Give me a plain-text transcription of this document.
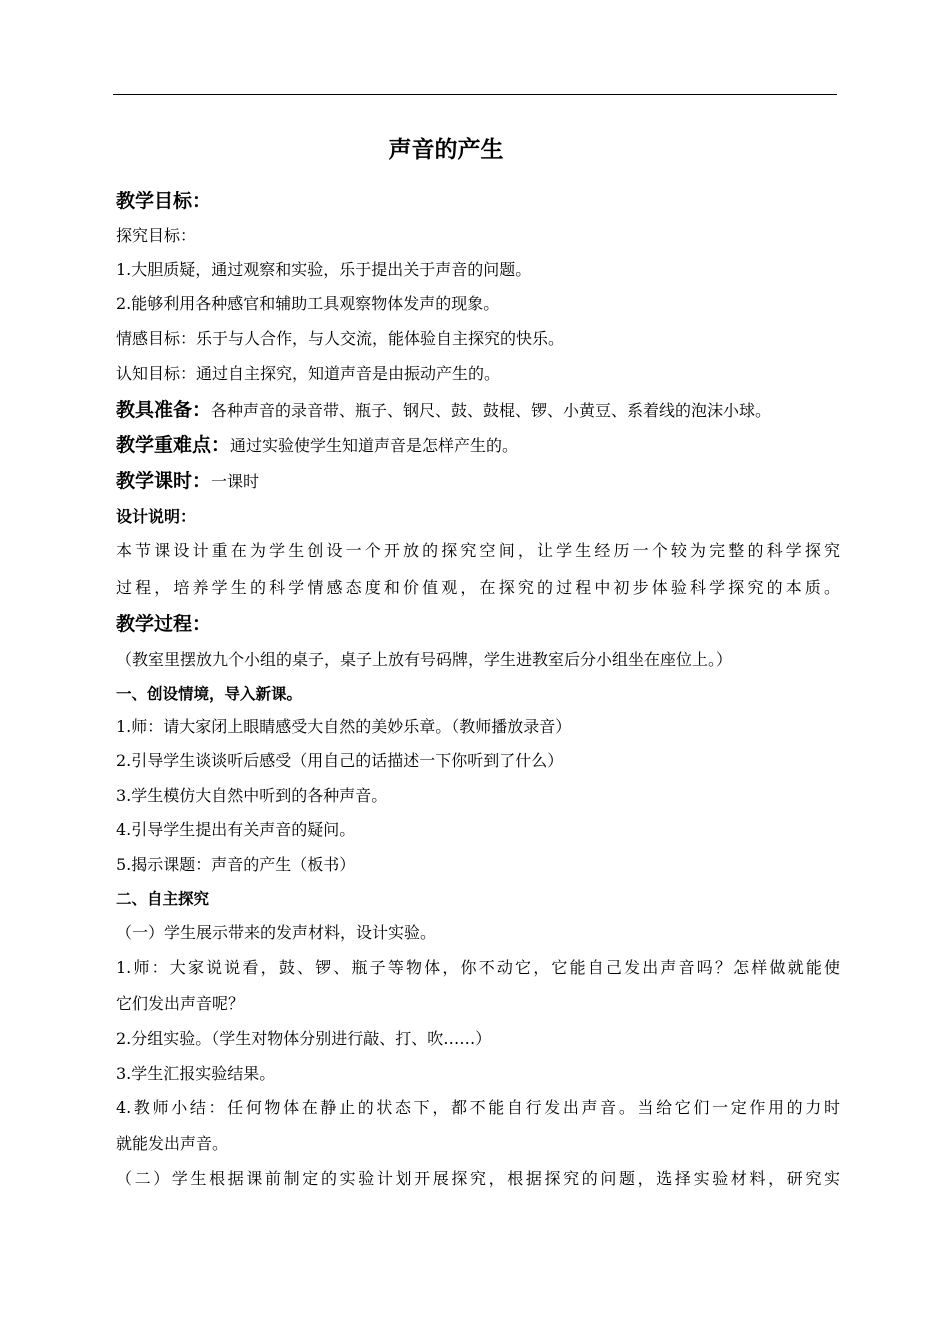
声音的产生
教学目标：
探究目标：
1.大胆质疑，通过观察和实验，乐于提出关于声音的问题。
2.能够利用各种感官和辅助工具观察物体发声的现象。
情感目标：乐于与人合作，与人交流，能体验自主探究的快乐。
认知目标：通过自主探究，知道声音是由振动产生的。
教具准备：各种声音的录音带、瓶子、钢尺、鼓、鼓棍、锣、小黄豆、系着线的泡沫小球。
教学重难点：通过实验使学生知道声音是怎样产生的。
教学课时：一课时
设计说明：
本节课设计重在为学生创设一个开放的探究空间，让学生经历一个较为完整的科学探究
过程，培养学生的科学情感态度和价值观，在探究的过程中初步体验科学探究的本质。
教学过程：
（教室里摆放九个小组的桌子，桌子上放有号码牌，学生进教室后分小组坐在座位上。）
一、创设情境，导入新课。
1.师：请大家闭上眼睛感受大自然的美妙乐章。（教师播放录音）
2.引导学生谈谈听后感受（用自己的话描述一下你听到了什么）
3.学生模仿大自然中听到的各种声音。
4.引导学生提出有关声音的疑问。
5.揭示课题：声音的产生（板书）
二、自主探究
（一）学生展示带来的发声材料，设计实验。
1.师：大家说说看，鼓、锣、瓶子等物体，你不动它，它能自己发出声音吗？怎样做就能使
它们发出声音呢？
2.分组实验。（学生对物体分别进行敲、打、吹……）
3.学生汇报实验结果。
4.教师小结：任何物体在静止的状态下，都不能自行发出声音。当给它们一定作用的力时
就能发出声音。
（二）学生根据课前制定的实验计划开展探究，根据探究的问题，选择实验材料，研究实
